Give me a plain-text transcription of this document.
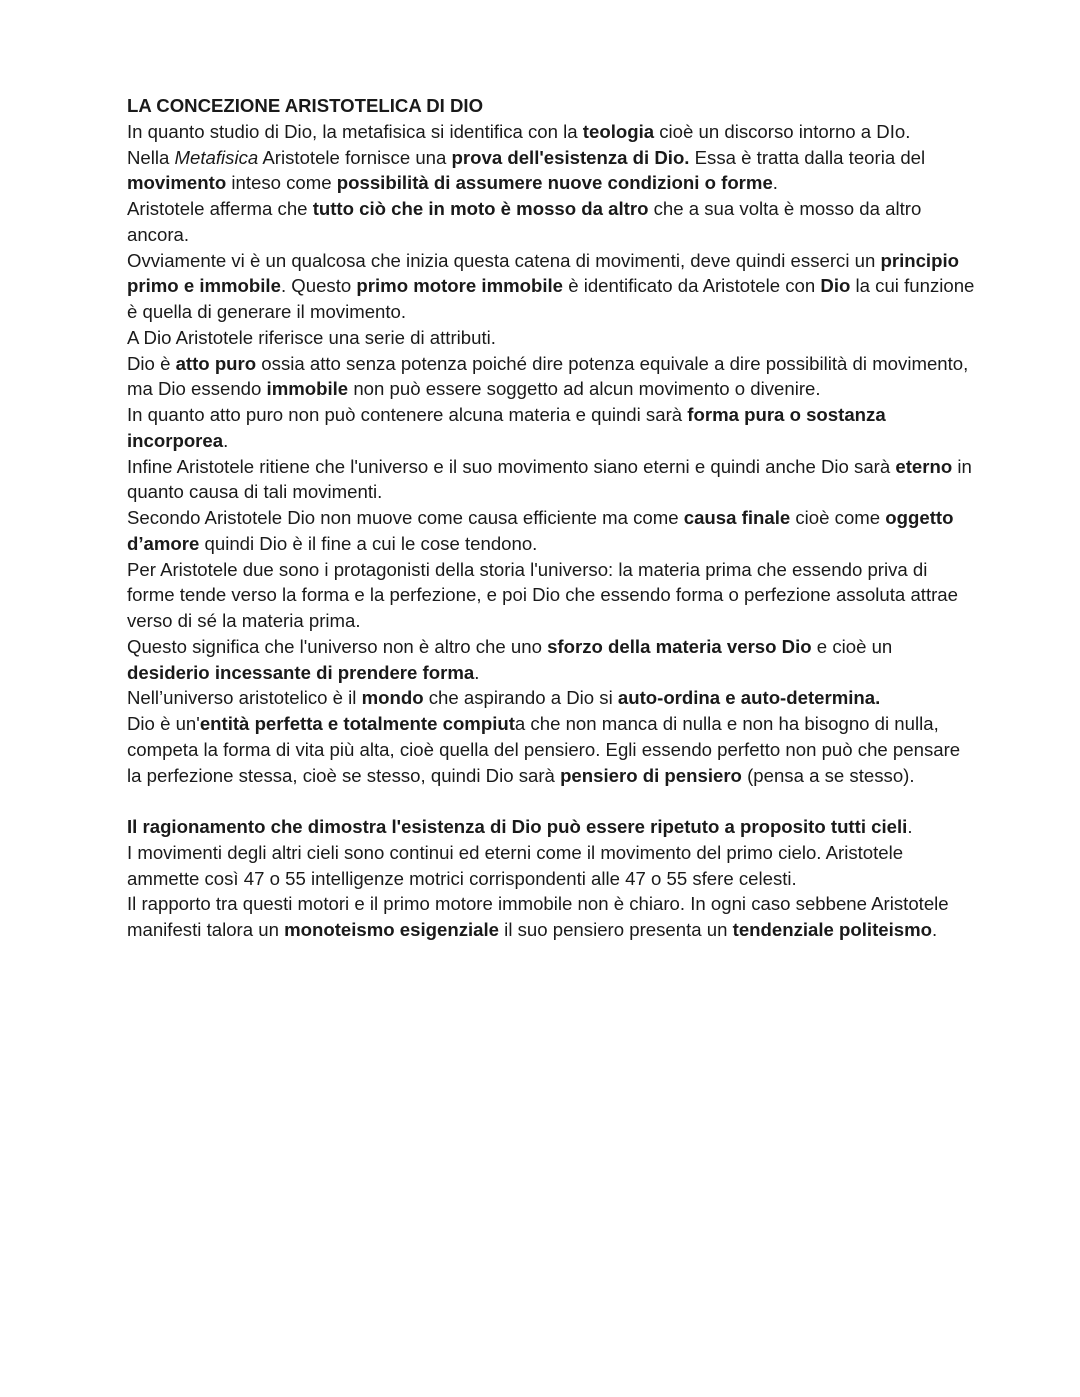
LA CONCEZIONE ARISTOTELICA DI DIO

In quanto studio di Dio, la metafisica si identifica con la teologia cioè un discorso intorno a DIo.

Nella Metafisica Aristotele fornisce una prova dell'esistenza di Dio. Essa è tratta dalla teoria del movimento inteso come possibilità di assumere nuove condizioni o forme.

Aristotele afferma che tutto ciò che in moto è mosso da altro che a sua volta è mosso da altro ancora.

Ovviamente vi è un qualcosa che inizia questa catena di movimenti, deve quindi esserci un principio primo e immobile. Questo primo motore immobile è identificato da Aristotele con Dio la cui funzione è quella di generare il movimento.

A Dio Aristotele riferisce una serie di attributi.

Dio è atto puro ossia atto senza potenza poiché dire potenza equivale a dire possibilità di movimento, ma Dio essendo immobile non può essere soggetto ad alcun movimento o divenire.

In quanto atto puro non può contenere alcuna materia e quindi sarà forma pura o sostanza incorporea.

Infine Aristotele ritiene che l'universo e il suo movimento siano eterni e quindi anche Dio sarà eterno in quanto causa di tali movimenti.

Secondo Aristotele Dio non muove come causa efficiente ma come causa finale cioè come oggetto d’amore quindi Dio è il fine a cui le cose tendono.

Per Aristotele due sono i protagonisti della storia l'universo: la materia prima che essendo priva di forme tende verso la forma e la perfezione, e poi Dio che essendo forma o perfezione assoluta attrae verso di sé la materia prima.

Questo significa che l'universo non è altro che uno sforzo della materia verso Dio e cioè un desiderio incessante di prendere forma.

Nell’universo aristotelico è il mondo che aspirando a Dio si auto-ordina e auto-determina.

Dio è un'entità perfetta e totalmente compiuta che non manca di nulla e non ha bisogno di nulla, competa la forma di vita più alta, cioè quella del pensiero. Egli essendo perfetto non può che pensare la perfezione stessa, cioè se stesso, quindi Dio sarà pensiero di pensiero (pensa a se stesso).

Il ragionamento che dimostra l'esistenza di Dio può essere ripetuto a proposito tutti cieli.

I movimenti degli altri cieli sono continui ed eterni come il movimento del primo cielo. Aristotele ammette così 47 o 55 intelligenze motrici corrispondenti alle 47 o 55 sfere celesti.

Il rapporto tra questi motori e il primo motore immobile non è chiaro. In ogni caso sebbene Aristotele manifesti talora un monoteismo esigenziale il suo pensiero presenta un tendenziale politeismo.
